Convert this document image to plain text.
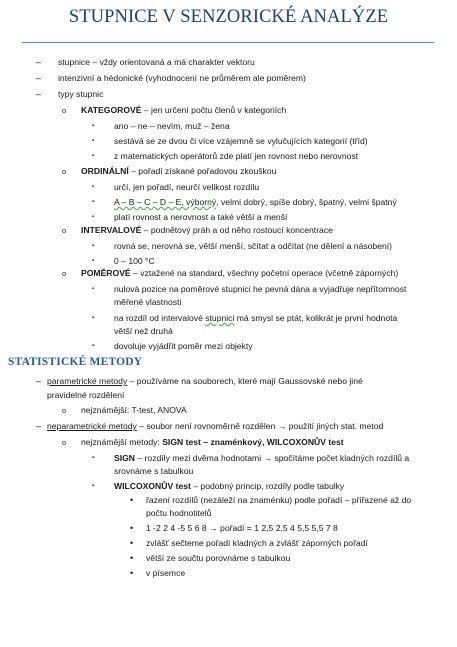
STUPNICE V SENZORICKÉ ANALÝZE
– stupnice – vždy orientovaná a má charakter vektoru
– intenzivní a hédonické (vyhodnocení ne průměrem ale poměrem)
– typy stupnic
o KATEGOROVÉ – jen určení počtu členů v kategoriích
▪ ano – ne – nevím, muž – žena
▪ sestává se ze dvou či více vzájemně se vylučujících kategorií (tříd)
▪ z matematických operátorů zde platí jen rovnost nebo nerovnost
o ORDINÁLNÍ – pořadí získané pořadovou zkouškou
▪ určí, jen pořadí, neurčí velikost rozdílu
▪ A – B – C – D – E, výborný, velmi dobrý, spíše dobrý, špatný, velmi špatný
▪ platí rovnost a nerovnost a také větší a menší
o INTERVALOVÉ – podnětový práh a od něho rostoucí koncentrace
▪ rovná se, nerovná se, větší menší, sčítat a odčítat (ne dělení a násobení)
▪ 0 – 100 °C
o POMĚROVÉ – vztažené na standard, všechny početní operace (včetně záporných)
▪ nulová pozice na poměrové stupnici he pevná dána a vyjadřuje nepřítomnost
měřené vlastnosti
▪ na rozdíl od intervalové stupnici má smysl se ptát, kolikrát je první hodnota
větší než druhá
▪ dovoluje vyjádřit poměr mezi objekty
STATISTICKÉ METODY
– parametrické metody – používáme na souborech, které mají Gaussovské nebo jiné
pravidelné rozdělení
o nejznámější: T-test, ANOVA
– neparametrické metody – soubor není rovnoměrně rozdělen → použití jiných stat. metod
o nejznámější metody: SIGN test – znaménkový, WILCOXONŮV test
▪ SIGN – rozdíly mezi dvěma hodnotami → spočítáme počet kladných rozdílů a
srovnáme s tabulkou
▪ WILCOXONŮV test – podobný princip, rozdíly podle tabulky
• řazení rozdílů (nezáleží na znaménku) podle pořadí – přiřazené až do
počtu hodnotitelů
• 1 -2 2 4 -5 5 6 8 → pořadí = 1 2,5 2,5 4 5,5 5,5 7 8
• zvlášť sečteme pořadí kladných a zvlášť záporných pořadí
• větší ze součtu porovnáme s tabulkou
• v písemce
